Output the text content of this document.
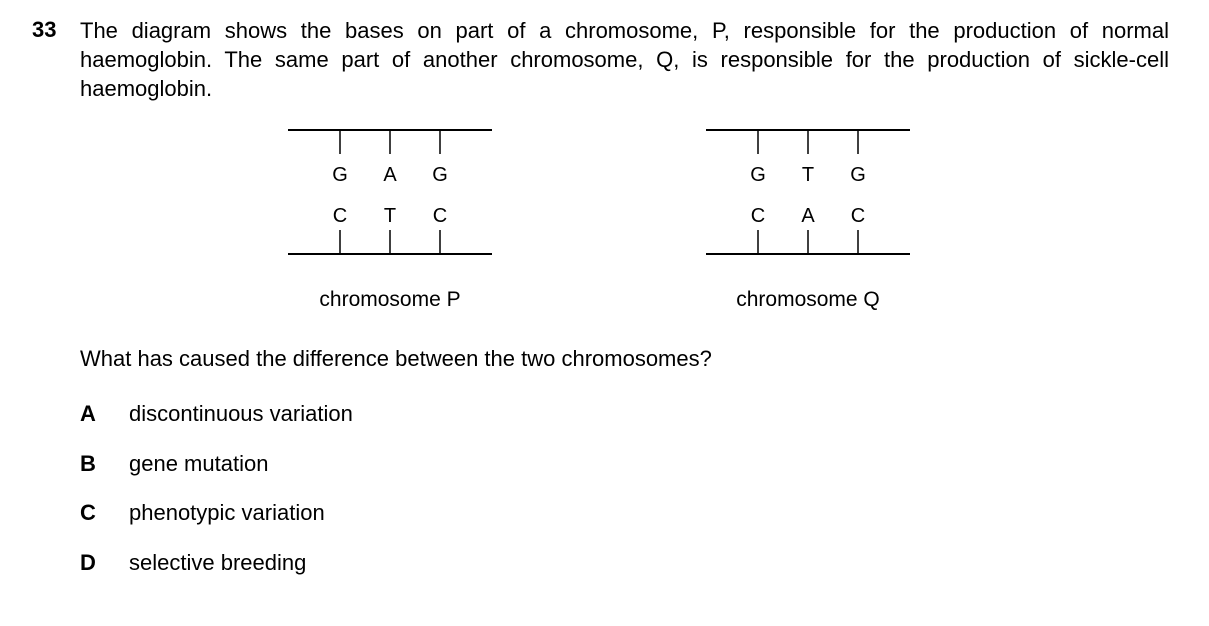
33 The diagram shows the bases on part of a chromosome, P, responsible for the production of normal haemoglobin. The same part of another chromosome, Q, is responsible for the production of sickle-cell haemoglobin.
G A G
C T C
chromosome P
G T G
C A C
chromosome Q
What has caused the difference between the two chromosomes?
A	discontinuous variation
B	gene mutation
C	phenotypic variation
D	selective breeding
